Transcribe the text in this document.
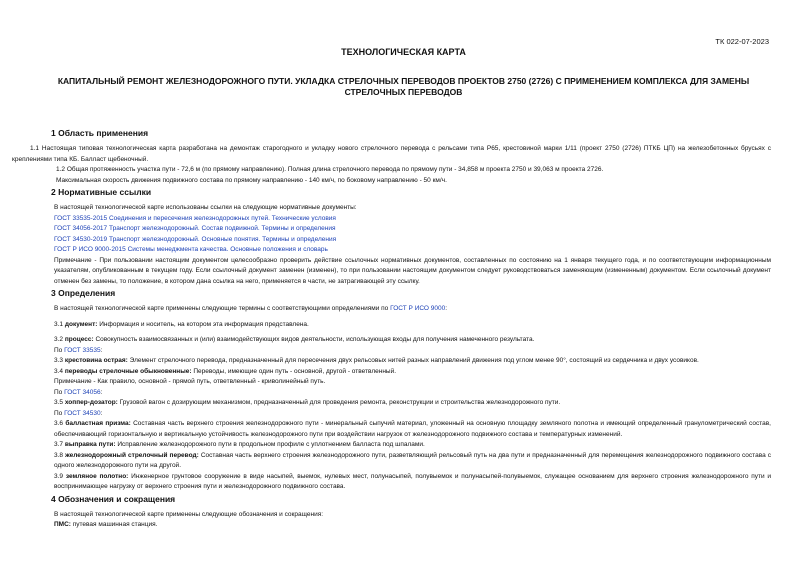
ТК 022-07-2023
ТЕХНОЛОГИЧЕСКАЯ КАРТА
КАПИТАЛЬНЫЙ РЕМОНТ ЖЕЛЕЗНОДОРОЖНОГО ПУТИ. УКЛАДКА СТРЕЛОЧНЫХ ПЕРЕВОДОВ ПРОЕКТОВ 2750 (2726) С ПРИМЕНЕНИЕМ КОМПЛЕКСА ДЛЯ ЗАМЕНЫ СТРЕЛОЧНЫХ ПЕРЕВОДОВ
1 Область применения

1.1 Настоящая типовая технологическая карта разработана на демонтаж старогодного и укладку нового стрелочного перевода с рельсами типа Р65, крестовиной марки 1/11 (проект 2750 (2726) ПТКБ ЦП) на железобетонных брусьях с креплениями типа КБ. Балласт щебеночный.

1.2 Общая протяженность участка пути - 72,6 м (по прямому направлению). Полная длина стрелочного перевода по прямому пути - 34,858 м проекта 2750 и 39,063 м проекта 2726.

Максимальная скорость движения подвижного состава по прямому направлению - 140 км/ч, по боковому направлению - 50 км/ч.

2 Нормативные ссылки

В настоящей технологической карте использованы ссылки на следующие нормативные документы:

ГОСТ 33535-2015 Соединения и пересечения железнодорожных путей. Технические условия

ГОСТ 34056-2017 Транспорт железнодорожный. Состав подвижной. Термины и определения

ГОСТ 34530-2019 Транспорт железнодорожный. Основные понятия. Термины и определения

ГОСТ Р ИСО 9000-2015 Системы менеджмента качества. Основные положения и словарь

Примечание - При пользовании настоящим документом целесообразно проверить действие ссылочных нормативных документов, составленных по состоянию на 1 января текущего года, и по соответствующим информационным указателям, опубликованным в текущем году. Если ссылочный документ заменен (изменен), то при пользовании настоящим документом следует руководствоваться заменяющим (измененным) документом. Если ссылочный документ отменен без замены, то положение, в котором дана ссылка на него, применяется в части, не затрагивающей эту ссылку.

3 Определения

В настоящей технологической карте применены следующие термины с соответствующими определениями по ГОСТ Р ИСО 9000:

3.1 документ: Информация и носитель, на котором эта информация представлена.

3.2 процесс: Совокупность взаимосвязанных и (или) взаимодействующих видов деятельности, использующая входы для получения намеченного результата.

По ГОСТ 33535:

3.3 крестовина острая: Элемент стрелочного перевода, предназначенный для пересечения двух рельсовых нитей разных направлений движения под углом менее 90°, состоящий из сердечника и двух усовиков.

3.4 переводы стрелочные обыкновенные: Переводы, имеющие один путь - основной, другой - ответвленный.

Примечание - Как правило, основной - прямой путь, ответвленный - криволинейный путь.

По ГОСТ 34056:

3.5 хоппер-дозатор: Грузовой вагон с дозирующим механизмом, предназначенный для проведения ремонта, реконструкции и строительства железнодорожного пути.

По ГОСТ 34530:

3.6 балластная призма: Составная часть верхнего строения железнодорожного пути - минеральный сыпучий материал, уложенный на основную площадку земляного полотна и имеющий определенный гранулометрический состав, обеспечивающий горизонтальную и вертикальную устойчивость железнодорожного пути при воздействии нагрузок от железнодорожного подвижного состава и температурных изменений.

3.7 выправка пути: Исправление железнодорожного пути в продольном профиле с уплотнением балласта под шпалами.

3.8 железнодорожный стрелочный перевод: Составная часть верхнего строения железнодорожного пути, разветвляющий рельсовый путь на два пути и предназначенный для перемещения железнодорожного подвижного состава с одного железнодорожного пути на другой.

3.9 земляное полотно: Инженерное грунтовое сооружение в виде насыпей, выемок, нулевых мест, полунасыпей, полувыемок и полунасыпей-полувыемок, служащее основанием для верхнего строения железнодорожного пути и воспринимающее нагрузку от верхнего строения пути и железнодорожного подвижного состава.

4 Обозначения и сокращения

В настоящей технологической карте применены следующие обозначения и сокращения:

ПМС: путевая машинная станция.
